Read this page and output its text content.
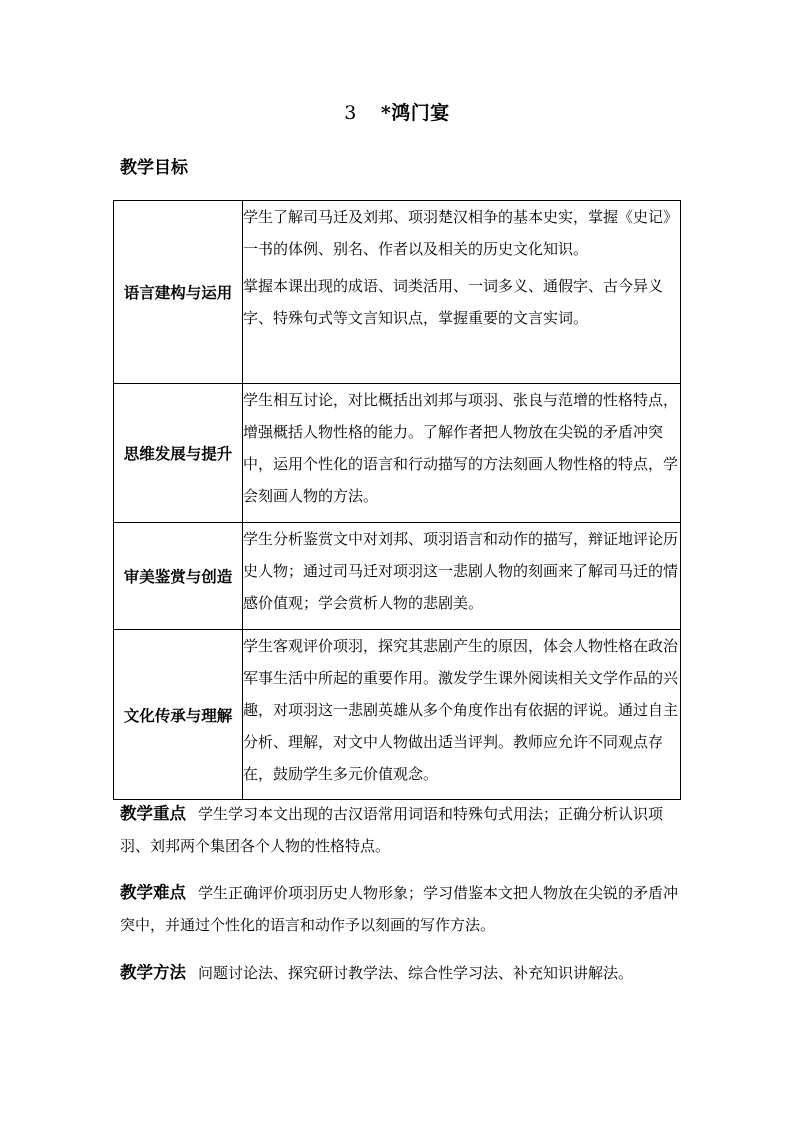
3 *鸿门宴
教学目标
语言建构与运用	学生了解司马迁及刘邦、项羽楚汉相争的基本史实，掌握《史记》一书的体例、别名、作者以及相关的历史文化知识。

掌握本课出现的成语、词类活用、一词多义、通假字、古今异义字、特殊句式等文言知识点，掌握重要的文言实词。

思维发展与提升	学生相互讨论，对比概括出刘邦与项羽、张良与范增的性格特点，增强概括人物性格的能力。了解作者把人物放在尖锐的矛盾冲突中，运用个性化的语言和行动描写的方法刻画人物性格的特点，学会刻画人物的方法。

审美鉴赏与创造	学生分析鉴赏文中对刘邦、项羽语言和动作的描写，辩证地评论历史人物；通过司马迁对项羽这一悲剧人物的刻画来了解司马迁的情感价值观；学会赏析人物的悲剧美。

文化传承与理解	学生客观评价项羽，探究其悲剧产生的原因，体会人物性格在政治军事生活中所起的重要作用。激发学生课外阅读相关文学作品的兴趣，对项羽这一悲剧英雄从多个角度作出有依据的评说。通过自主分析、理解，对文中人物做出适当评判。教师应允许不同观点存在，鼓励学生多元价值观念。

教学重点 学生学习本文出现的古汉语常用词语和特殊句式用法；正确分析认识项羽、刘邦两个集团各个人物的性格特点。
教学难点 学生正确评价项羽历史人物形象；学习借鉴本文把人物放在尖锐的矛盾冲突中，并通过个性化的语言和动作予以刻画的写作方法。
教学方法 问题讨论法、探究研讨教学法、综合性学习法、补充知识讲解法。
